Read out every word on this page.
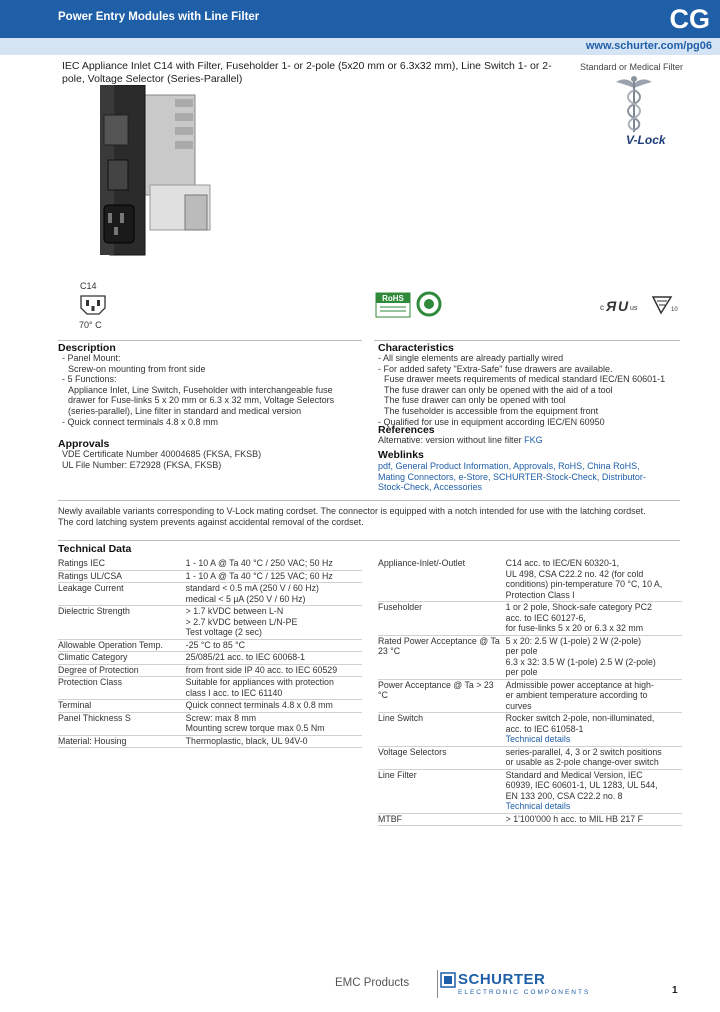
Power Entry Modules with Line Filter	CG
www.schurter.com/pg06
IEC Appliance Inlet C14 with Filter, Fuseholder 1- or 2-pole (5x20 mm or 6.3x32 mm), Line Switch 1- or 2-pole, Voltage Selector (Series-Parallel)
Standard or Medical Filter
V-Lock
C14
70° C
RoHS
c Я U us	10
Description
- Panel Mount:
Screw-on mounting from front side
- 5 Functions:
Appliance Inlet, Line Switch, Fuseholder with interchangeable fuse
drawer for Fuse-links 5 x 20 mm or 6.3 x 32 mm, Voltage Selectors
(series-parallel), Line filter in standard and medical version
- Quick connect terminals 4.8 x 0.8 mm
Approvals
VDE Certificate Number 40004685 (FKSA, FKSB)
UL File Number: E72928 (FKSA, FKSB)
Characteristics
- All single elements are already partially wired
- For added safety "Extra-Safe" fuse drawers are available.
Fuse drawer meets requirements of medical standard IEC/EN 60601-1
The fuse drawer can only be opened with the aid of a tool
The fuse drawer can only be opened with tool
The fuseholder is accessible from the equipment front
- Qualified for use in equipment according IEC/EN 60950
References
Alternative: version without line filter FKG
Weblinks
pdf, General Product Information, Approvals, RoHS, China RoHS,
Mating Connectors, e-Store, SCHURTER-Stock-Check, Distributor-
Stock-Check, Accessories
Newly available variants corresponding to V-Lock mating cordset. The connector is equipped with a notch intended for use with the latching cordset.
The cord latching system prevents against accidental removal of the cordset.
Technical Data
Ratings IEC	1 - 10 A @ Ta 40 °C / 250 VAC; 50 Hz

Ratings UL/CSA	1 - 10 A @ Ta 40 °C / 125 VAC; 60 Hz

Leakage Current	standard < 0.5 mA (250 V / 60 Hz)
medical < 5 µA (250 V / 60 Hz)

Dielectric Strength	> 1.7 kVDC between L-N
> 2.7 kVDC between L/N-PE
Test voltage (2 sec)

Allowable Operation Temp.	-25 °C to 85 °C

Climatic Category	25/085/21 acc. to IEC 60068-1

Degree of Protection	from front side IP 40 acc. to IEC 60529

Protection Class	Suitable for appliances with protection
class I acc. to IEC 61140

Terminal	Quick connect terminals 4.8 x 0.8 mm

Panel Thickness S	Screw: max 8 mm
Mounting screw torque max 0.5 Nm

Material: Housing	Thermoplastic, black, UL 94V-0
Appliance-Inlet/-Outlet	C14 acc. to IEC/EN 60320-1,
UL 498, CSA C22.2 no. 42 (for cold
conditions) pin-temperature 70 °C, 10 A,
Protection Class I

Fuseholder	1 or 2 pole, Shock-safe category PC2
acc. to IEC 60127-6,
for fuse-links 5 x 20 or 6.3 x 32 mm

Rated Power Acceptance @ Ta 23 °C	5 x 20: 2.5 W (1-pole) 2 W (2-pole)
per pole
6.3 x 32: 3.5 W (1-pole) 2.5 W (2-pole)
per pole

Power Acceptance @ Ta > 23 °C	Admissible power acceptance at high-
er ambient temperature according to
curves

Line Switch	Rocker switch 2-pole, non-illuminated,
acc. to IEC 61058-1
Technical details

Voltage Selectors	series-parallel, 4, 3 or 2 switch positions
or usable as 2-pole change-over switch

Line Filter	Standard and Medical Version, IEC
60939, IEC 60601-1, UL 1283, UL 544,
EN 133 200, CSA C22.2 no. 8
Technical details

MTBF	> 1'100'000 h acc. to MIL HB 217 F
EMC Products	SCHURTER
ELECTRONIC COMPONENTS	1
